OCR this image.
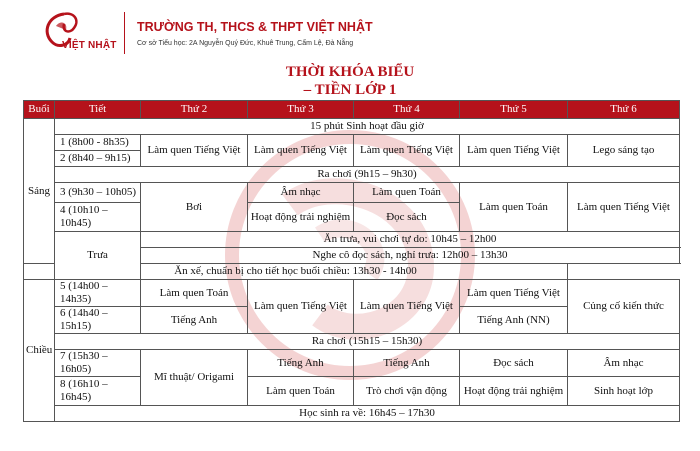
VIỆT NHẬT
TRƯỜNG TH, THCS & THPT VIỆT NHẬT
Cơ sở Tiểu học: 2A Nguyễn Quý Đức, Khuê Trung, Cẩm Lệ, Đà Nẵng
THỜI KHÓA BIỂU
– TIỀN LỚP 1
Buổi	Tiết	Thứ 2	Thứ 3	Thứ 4	Thứ 5	Thứ 6
Sáng	15 phút Sinh hoạt đầu giờ					
	1 (8h00 - 8h35)	Làm quen Tiếng Việt	Làm quen Tiếng Việt	Làm quen Tiếng Việt	Làm quen Tiếng Việt	Lego sáng tạo
	2 (8h40 – 9h15)					
	Ra chơi (9h15 – 9h30)					
	3 (9h30 – 10h05)	Bơi	Âm nhạc	Làm quen Toán	Làm quen Toán	Làm quen Tiếng Việt
	4 (10h10 – 10h45)		Hoạt động trải nghiệm	Đọc sách		
	Trưa	Ăn trưa, vui chơi tự do: 10h45 – 12h00				
		Nghe cô đọc sách, nghỉ trưa: 12h00 – 13h30				
Ăn xế, chuẩn bị cho tiết học buổi chiều: 13h30 - 14h00						
Chiều	5 (14h00 – 14h35)	Làm quen Toán	Làm quen Tiếng Việt	Làm quen Tiếng Việt	Làm quen Tiếng Việt	Củng cố kiến thức
	6 (14h40 – 15h15)	Tiếng Anh			Tiếng Anh (NN)	
	Ra chơi (15h15 – 15h30)					
	7 (15h30 – 16h05)	Mĩ thuật/ Origami	Tiếng Anh	Tiếng Anh	Đọc sách	Âm nhạc
	8 (16h10 – 16h45)		Làm quen Toán	Trò chơi vận động	Hoạt động trải nghiệm	Sinh hoạt lớp
	Học sinh ra về: 16h45 – 17h30					
